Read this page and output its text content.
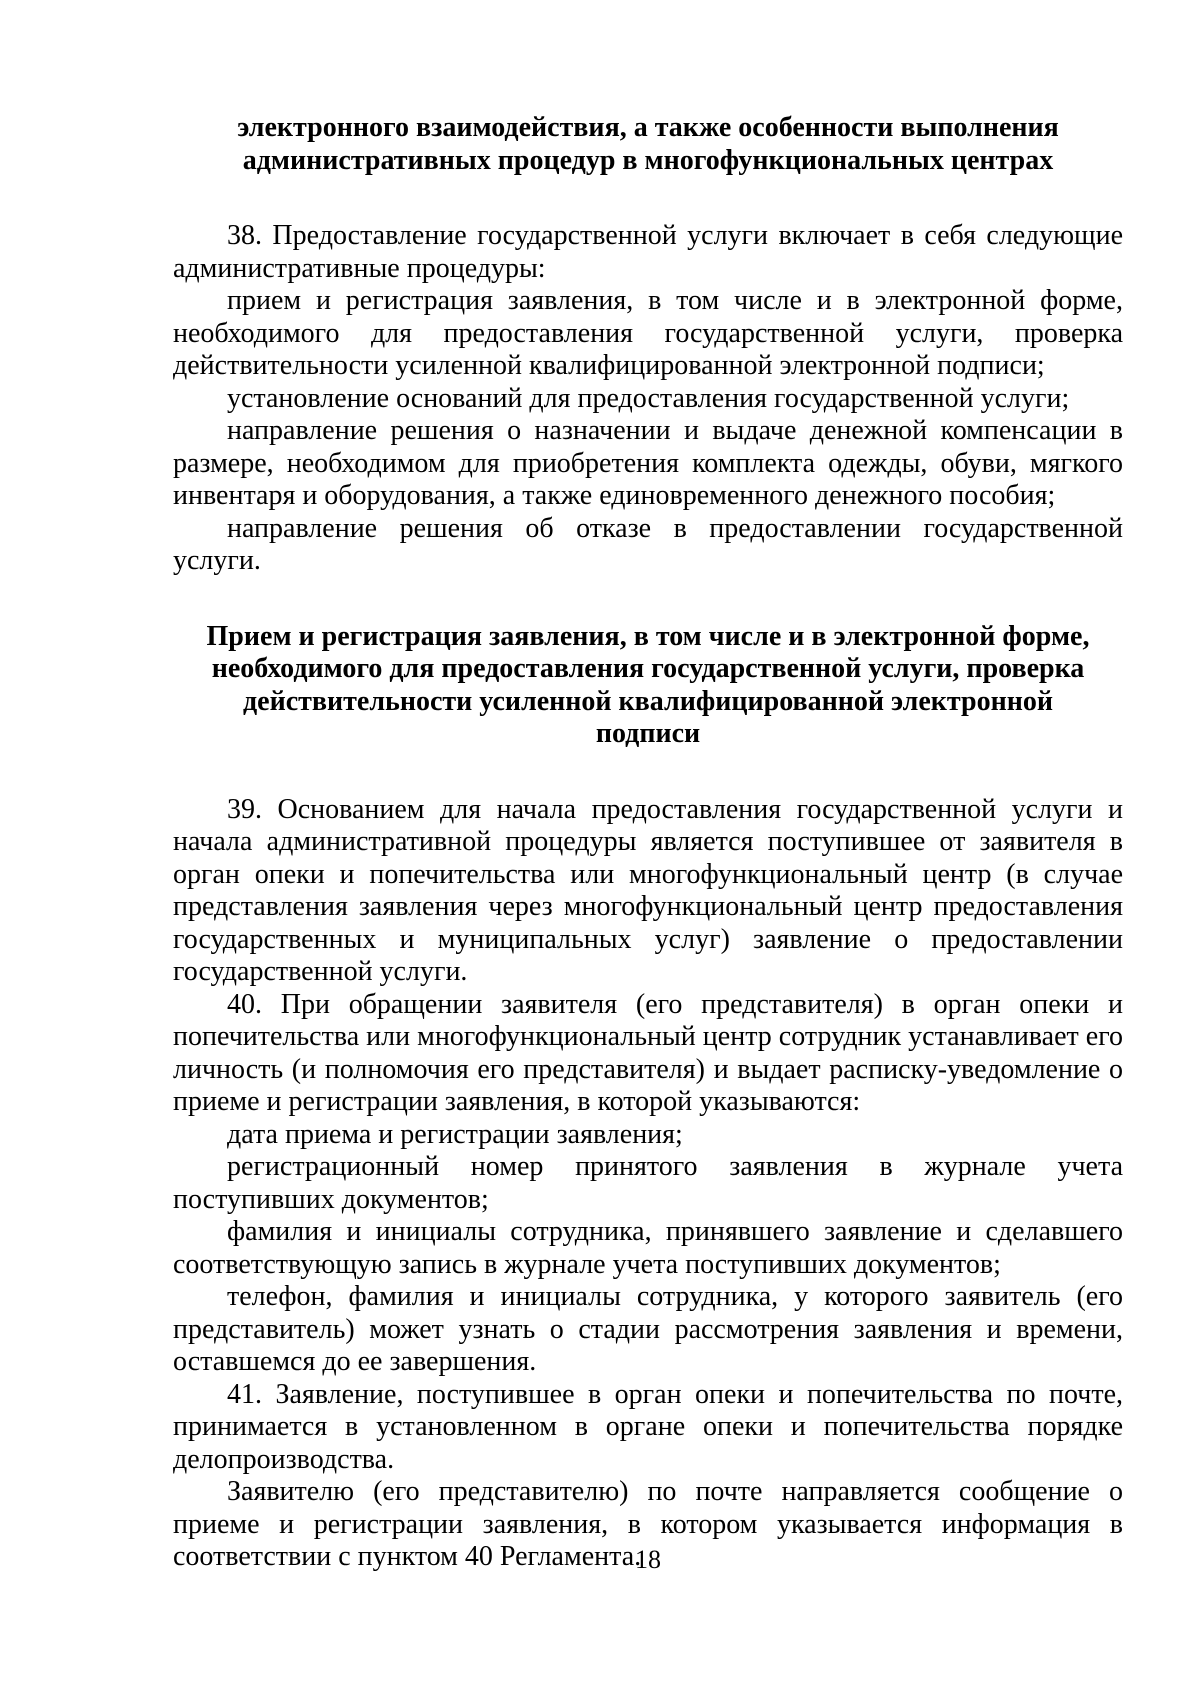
электронного взаимодействия, а также особенности выполнения административных процедур в многофункциональных центрах

38. Предоставление государственной услуги включает в себя следующие административные процедуры:

прием и регистрация заявления, в том числе и в электронной форме, необходимого для предоставления государственной услуги, проверка действительности усиленной квалифицированной электронной подписи;

установление оснований для предоставления государственной услуги;

направление решения о назначении и выдаче денежной компенсации в размере, необходимом для приобретения комплекта одежды, обуви, мягкого инвентаря и оборудования, а также единовременного денежного пособия;

направление решения об отказе в предоставлении государственной услуги.

Прием и регистрация заявления, в том числе и в электронной форме, необходимого для предоставления государственной услуги, проверка действительности усиленной квалифицированной электронной подписи

39. Основанием для начала предоставления государственной услуги и начала административной процедуры является поступившее от заявителя в орган опеки и попечительства или многофункциональный центр (в случае представления заявления через многофункциональный центр предоставления государственных и муниципальных услуг) заявление о предоставлении государственной услуги.

40. При обращении заявителя (его представителя) в орган опеки и попечительства или многофункциональный центр сотрудник устанавливает его личность (и полномочия его представителя) и выдает расписку-уведомление о приеме и регистрации заявления, в которой указываются:

дата приема и регистрации заявления;

регистрационный номер принятого заявления в журнале учета поступивших документов;

фамилия и инициалы сотрудника, принявшего заявление и сделавшего соответствующую запись в журнале учета поступивших документов;

телефон, фамилия и инициалы сотрудника, у которого заявитель (его представитель) может узнать о стадии рассмотрения заявления и времени, оставшемся до ее завершения.

41. Заявление, поступившее в орган опеки и попечительства по почте, принимается в установленном в органе опеки и попечительства порядке делопроизводства.

Заявителю (его представителю) по почте направляется сообщение о приеме и регистрации заявления, в котором указывается информация в соответствии с пунктом 40 Регламента.

18
